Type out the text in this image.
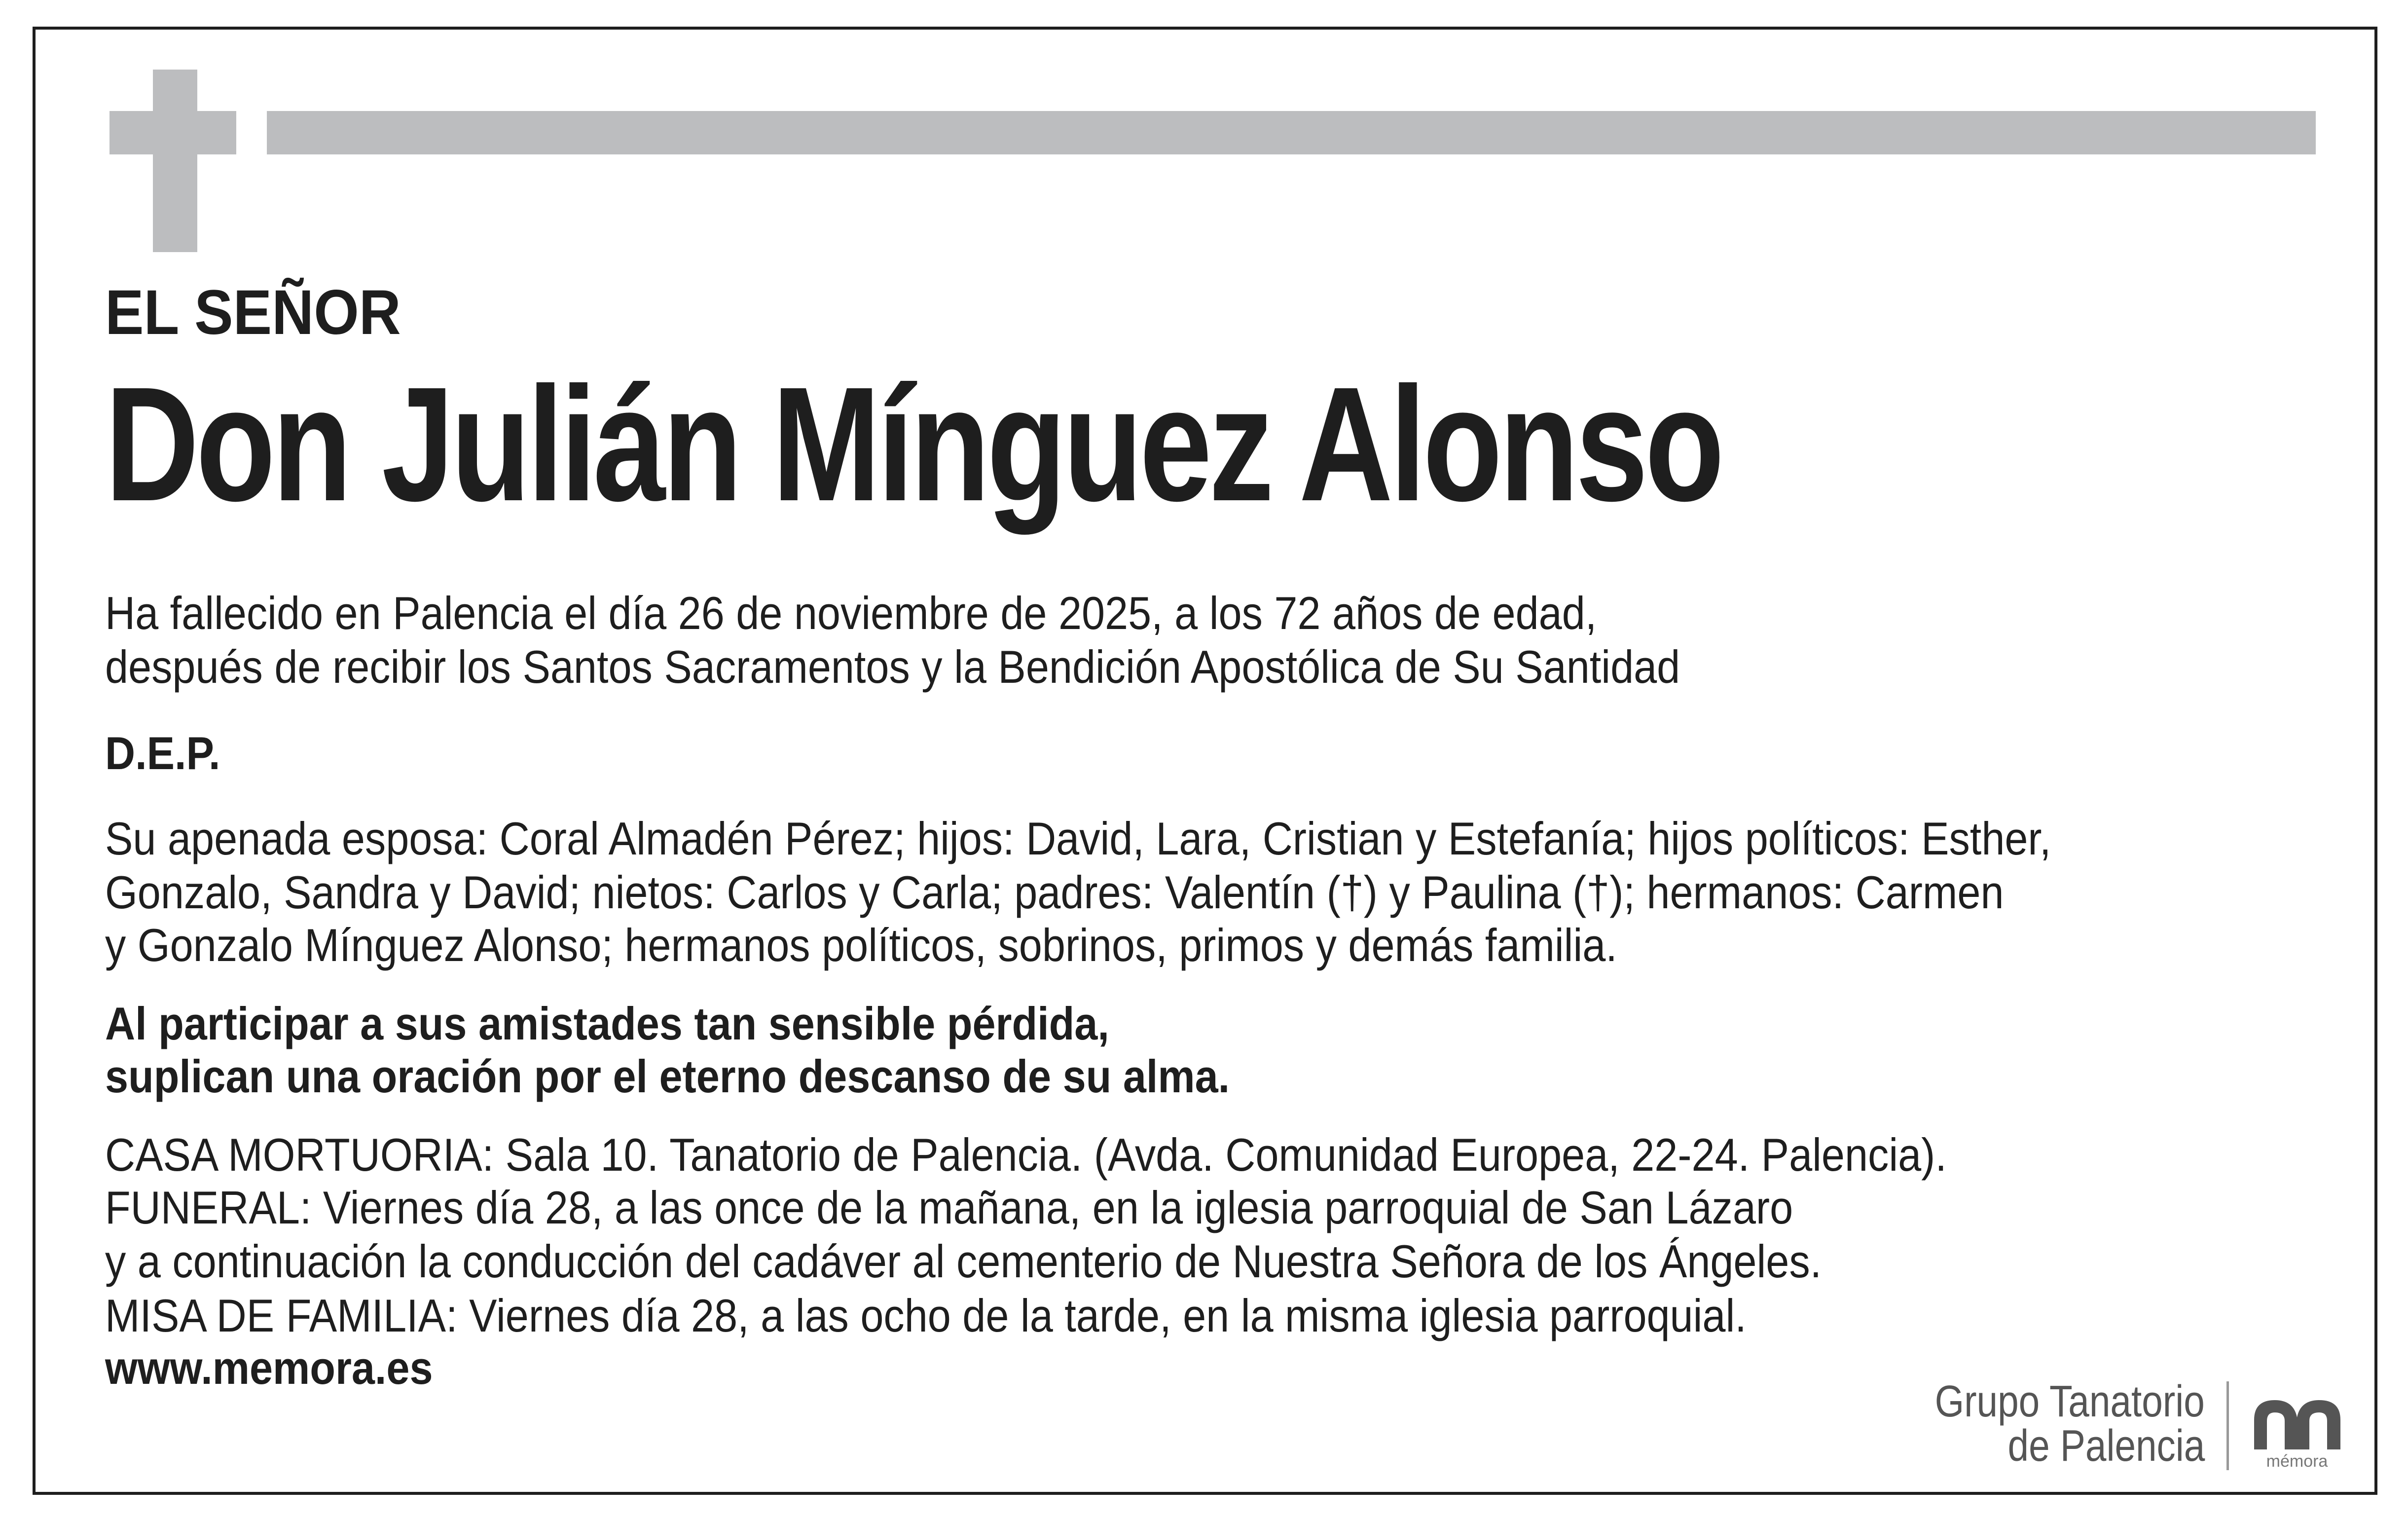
EL SEÑOR
Don Julián Mínguez Alonso
Ha fallecido en Palencia el día 26 de noviembre de 2025, a los 72 años de edad,
después de recibir los Santos Sacramentos y la Bendición Apostólica de Su Santidad
D.E.P.
Su apenada esposa: Coral Almadén Pérez; hijos: David, Lara, Cristian y Estefanía; hijos políticos: Esther,
Gonzalo, Sandra y David; nietos: Carlos y Carla; padres: Valentín (†) y Paulina (†); hermanos: Carmen
y Gonzalo Mínguez Alonso; hermanos políticos, sobrinos, primos y demás familia.
Al participar a sus amistades tan sensible pérdida,
suplican una oración por el eterno descanso de su alma.
CASA MORTUORIA: Sala 10. Tanatorio de Palencia. (Avda. Comunidad Europea, 22-24. Palencia).
FUNERAL: Viernes día 28, a las once de la mañana, en la iglesia parroquial de San Lázaro
y a continuación la conducción del cadáver al cementerio de Nuestra Señora de los Ángeles.
MISA DE FAMILIA: Viernes día 28, a las ocho de la tarde, en la misma iglesia parroquial.
www.memora.es
Grupo Tanatorio
de Palencia	mémora
